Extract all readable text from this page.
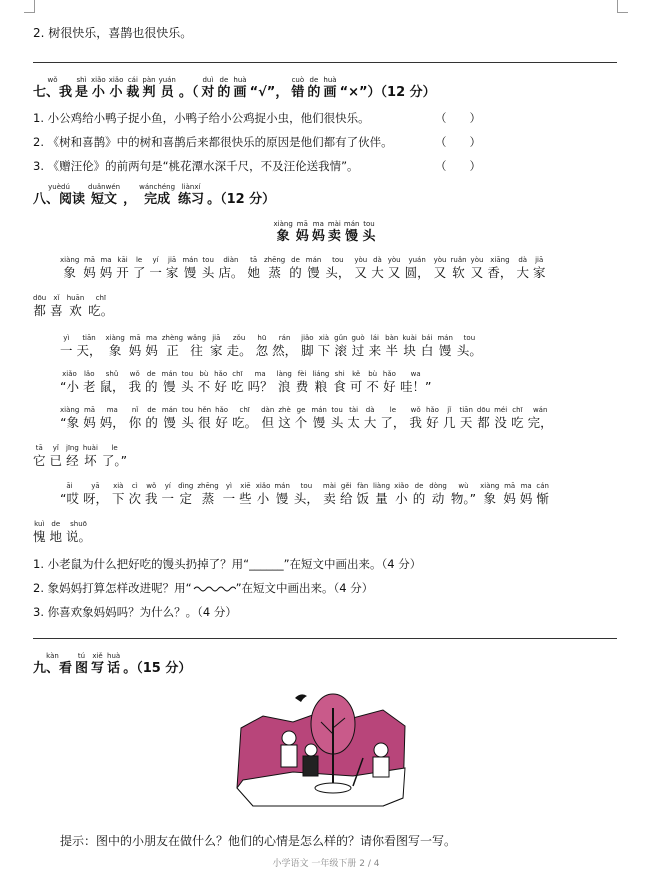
2. 树很快乐，喜鹊也很快乐。
wǒ
七、我
shì
是
xiǎo
小
xiǎo
小
cái
裁
pàn
判
yuán
员
。（
duì
对
de
的
huà
画
“√”，
cuò
错
de
的
huà
画
“×”）（12 分）
1. 小公鸡给小鸭子捉小鱼，小鸭子给小公鸡捉小虫，他们很快乐。	（　　）
2. 《树和喜鹊》中的树和喜鹊后来都很快乐的原因是他们都有了伙伴。	（　　）
3. 《赠汪伦》的前两句是“桃花潭水深千尺，不及汪伦送我情”。	（　　）
yuèdú
八、阅读
duǎnwén
短文
，
wánchéng
完成
liànxí
练习
。（12 分）
xiàng
象
mā
妈
ma
妈
mài
卖
mán
馒
tou
头
xiàng
象
mā
妈
ma
妈
kāi
开
le
了
yí
一
jiā
家
mán
馒
tou
头
diàn
店。
tā
她
zhēng
蒸
de
的
mán
馒
tou
头，
yòu
又
dà
大
yòu
又
yuán
圆，
yòu
又
ruǎn
软
yòu
又
xiāng
香，
dà
大
jiā
家
dōu
都
xǐ
喜
huān
欢
chī
吃。
yì
一
tiān
天，
xiàng
象
mā
妈
ma
妈
zhèng
正
wǎng
往
jiā
家
zǒu
走。
hū
忽
rán
然，
jiǎo
脚
xià
下
gǔn
滚
guò
过
lái
来
bàn
半
kuài
块
bái
白
mán
馒
tou
头。
xiǎo
“小
lǎo
老
shǔ
鼠，
wǒ
我
de
的
mán
馒
tou
头
bù
不
hǎo
好
chī
吃
ma
吗？
làng
浪
fèi
费
liáng
粮
shi
食
kě
可
bù
不
hǎo
好
wa
哇！”
xiàng
“象
mā
妈
ma
妈，
nǐ
你
de
的
mán
馒
tou
头
hěn
很
hǎo
好
chī
吃。
dàn
但
zhè
这
ge
个
mán
馒
tou
头
tài
太
dà
大
le
了，
wǒ
我
hǎo
好
jǐ
几
tiān
天
dōu
都
méi
没
chī
吃
wán
完，
tā
它
yǐ
已
jīng
经
huài
坏
le
了。”
āi
“哎
yā
呀，
xià
下
cì
次
wǒ
我
yí
一
dìng
定
zhēng
蒸
yì
一
xiē
些
xiǎo
小
mán
馒
tou
头，
mài
卖
gěi
给
fàn
饭
liàng
量
xiǎo
小
de
的
dòng
动
wù
物。”
xiàng
象
mā
妈
ma
妈
cán
惭
kuì
愧
de
地
shuō
说。
1. 小老鼠为什么把好吃的馒头扔掉了？用“______”在短文中画出来。（4 分）
2. 象妈妈打算怎样改进呢？用“	”在短文中画出来。（4 分）
3. 你喜欢象妈妈吗？为什么？。（4 分）
kàn
九、看
tú
图
xiě
写
huà
话
。（15 分）
提示：图中的小朋友在做什么？他们的心情是怎么样的？请你看图写一写。
小学语文 一年级下册 2 / 4
